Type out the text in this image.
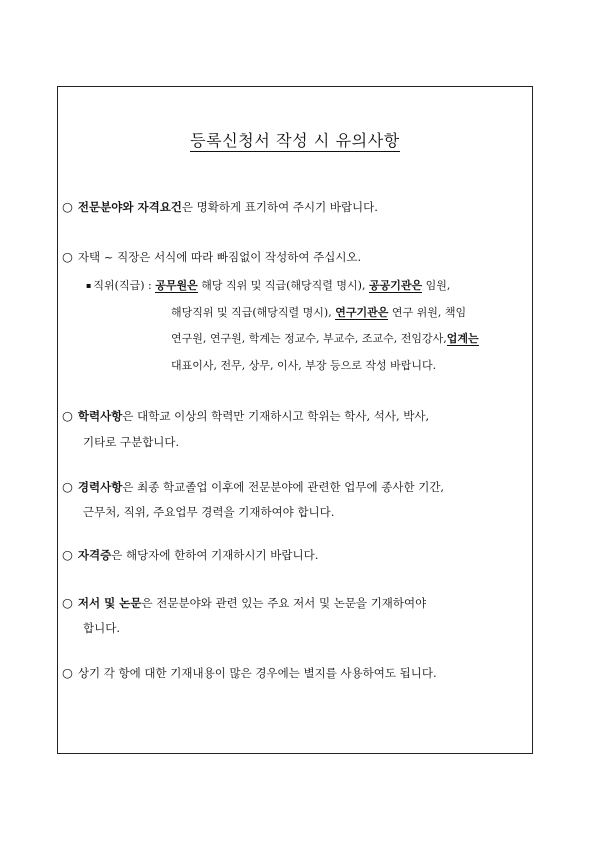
등록신청서 작성 시 유의사항
○ 전문분야와 자격요건은 명확하게 표기하여 주시기 바랍니다.
○ 자택 ~ 직장은 서식에 따라 빠짐없이 작성하여 주십시오.
▪ 직위(직급) : 공무원은 해당 직위 및 직급(해당직렬 명시), 공공기관은 임원,
해당직위 및 직급(해당직렬 명시), 연구기관은 연구 위원, 책임
연구원, 연구원, 학계는 정교수, 부교수, 조교수, 전임강사,업계는
대표이사, 전무, 상무, 이사, 부장 등으로 작성 바랍니다.
○ 학력사항은 대학교 이상의 학력만 기재하시고 학위는 학사, 석사, 박사,
기타로 구분합니다.
○ 경력사항은 최종 학교졸업 이후에 전문분야에 관련한 업무에 종사한 기간,
근무처, 직위, 주요업무 경력을 기재하여야 합니다.
○ 자격증은 해당자에 한하여 기재하시기 바랍니다.
○ 저서 및 논문은 전문분야와 관련 있는 주요 저서 및 논문을 기재하여야
합니다.
○ 상기 각 항에 대한 기재내용이 많은 경우에는 별지를 사용하여도 됩니다.
